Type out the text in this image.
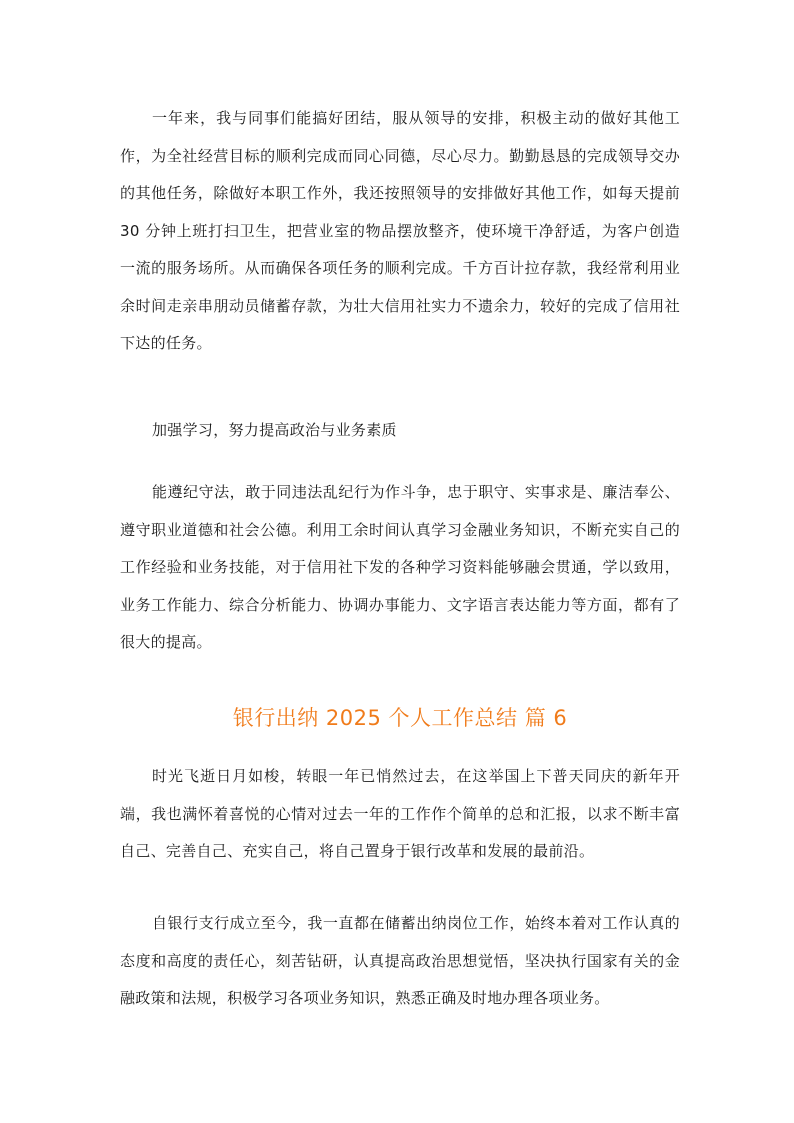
一年来，我与同事们能搞好团结，服从领导的安排，积极主动的做好其他工作，为全社经营目标的顺利完成而同心同德，尽心尽力。勤勤恳恳的完成领导交办的其他任务，除做好本职工作外，我还按照领导的安排做好其他工作，如每天提前 30 分钟上班打扫卫生，把营业室的物品摆放整齐，使环境干净舒适，为客户创造一流的服务场所。从而确保各项任务的顺利完成。千方百计拉存款，我经常利用业余时间走亲串朋动员储蓄存款，为壮大信用社实力不遗余力，较好的完成了信用社下达的任务。

加强学习，努力提高政治与业务素质

能遵纪守法，敢于同违法乱纪行为作斗争，忠于职守、实事求是、廉洁奉公、遵守职业道德和社会公德。利用工余时间认真学习金融业务知识，不断充实自己的工作经验和业务技能，对于信用社下发的各种学习资料能够融会贯通，学以致用，业务工作能力、综合分析能力、协调办事能力、文字语言表达能力等方面，都有了很大的提高。

银行出纳 2025 个人工作总结 篇 6

时光飞逝日月如梭，转眼一年已悄然过去，在这举国上下普天同庆的新年开端，我也满怀着喜悦的心情对过去一年的工作作个简单的总和汇报，以求不断丰富自己、完善自己、充实自己，将自己置身于银行改革和发展的最前沿。

自银行支行成立至今，我一直都在储蓄出纳岗位工作，始终本着对工作认真的态度和高度的责任心，刻苦钻研，认真提高政治思想觉悟，坚决执行国家有关的金融政策和法规，积极学习各项业务知识，熟悉正确及时地办理各项业务。
